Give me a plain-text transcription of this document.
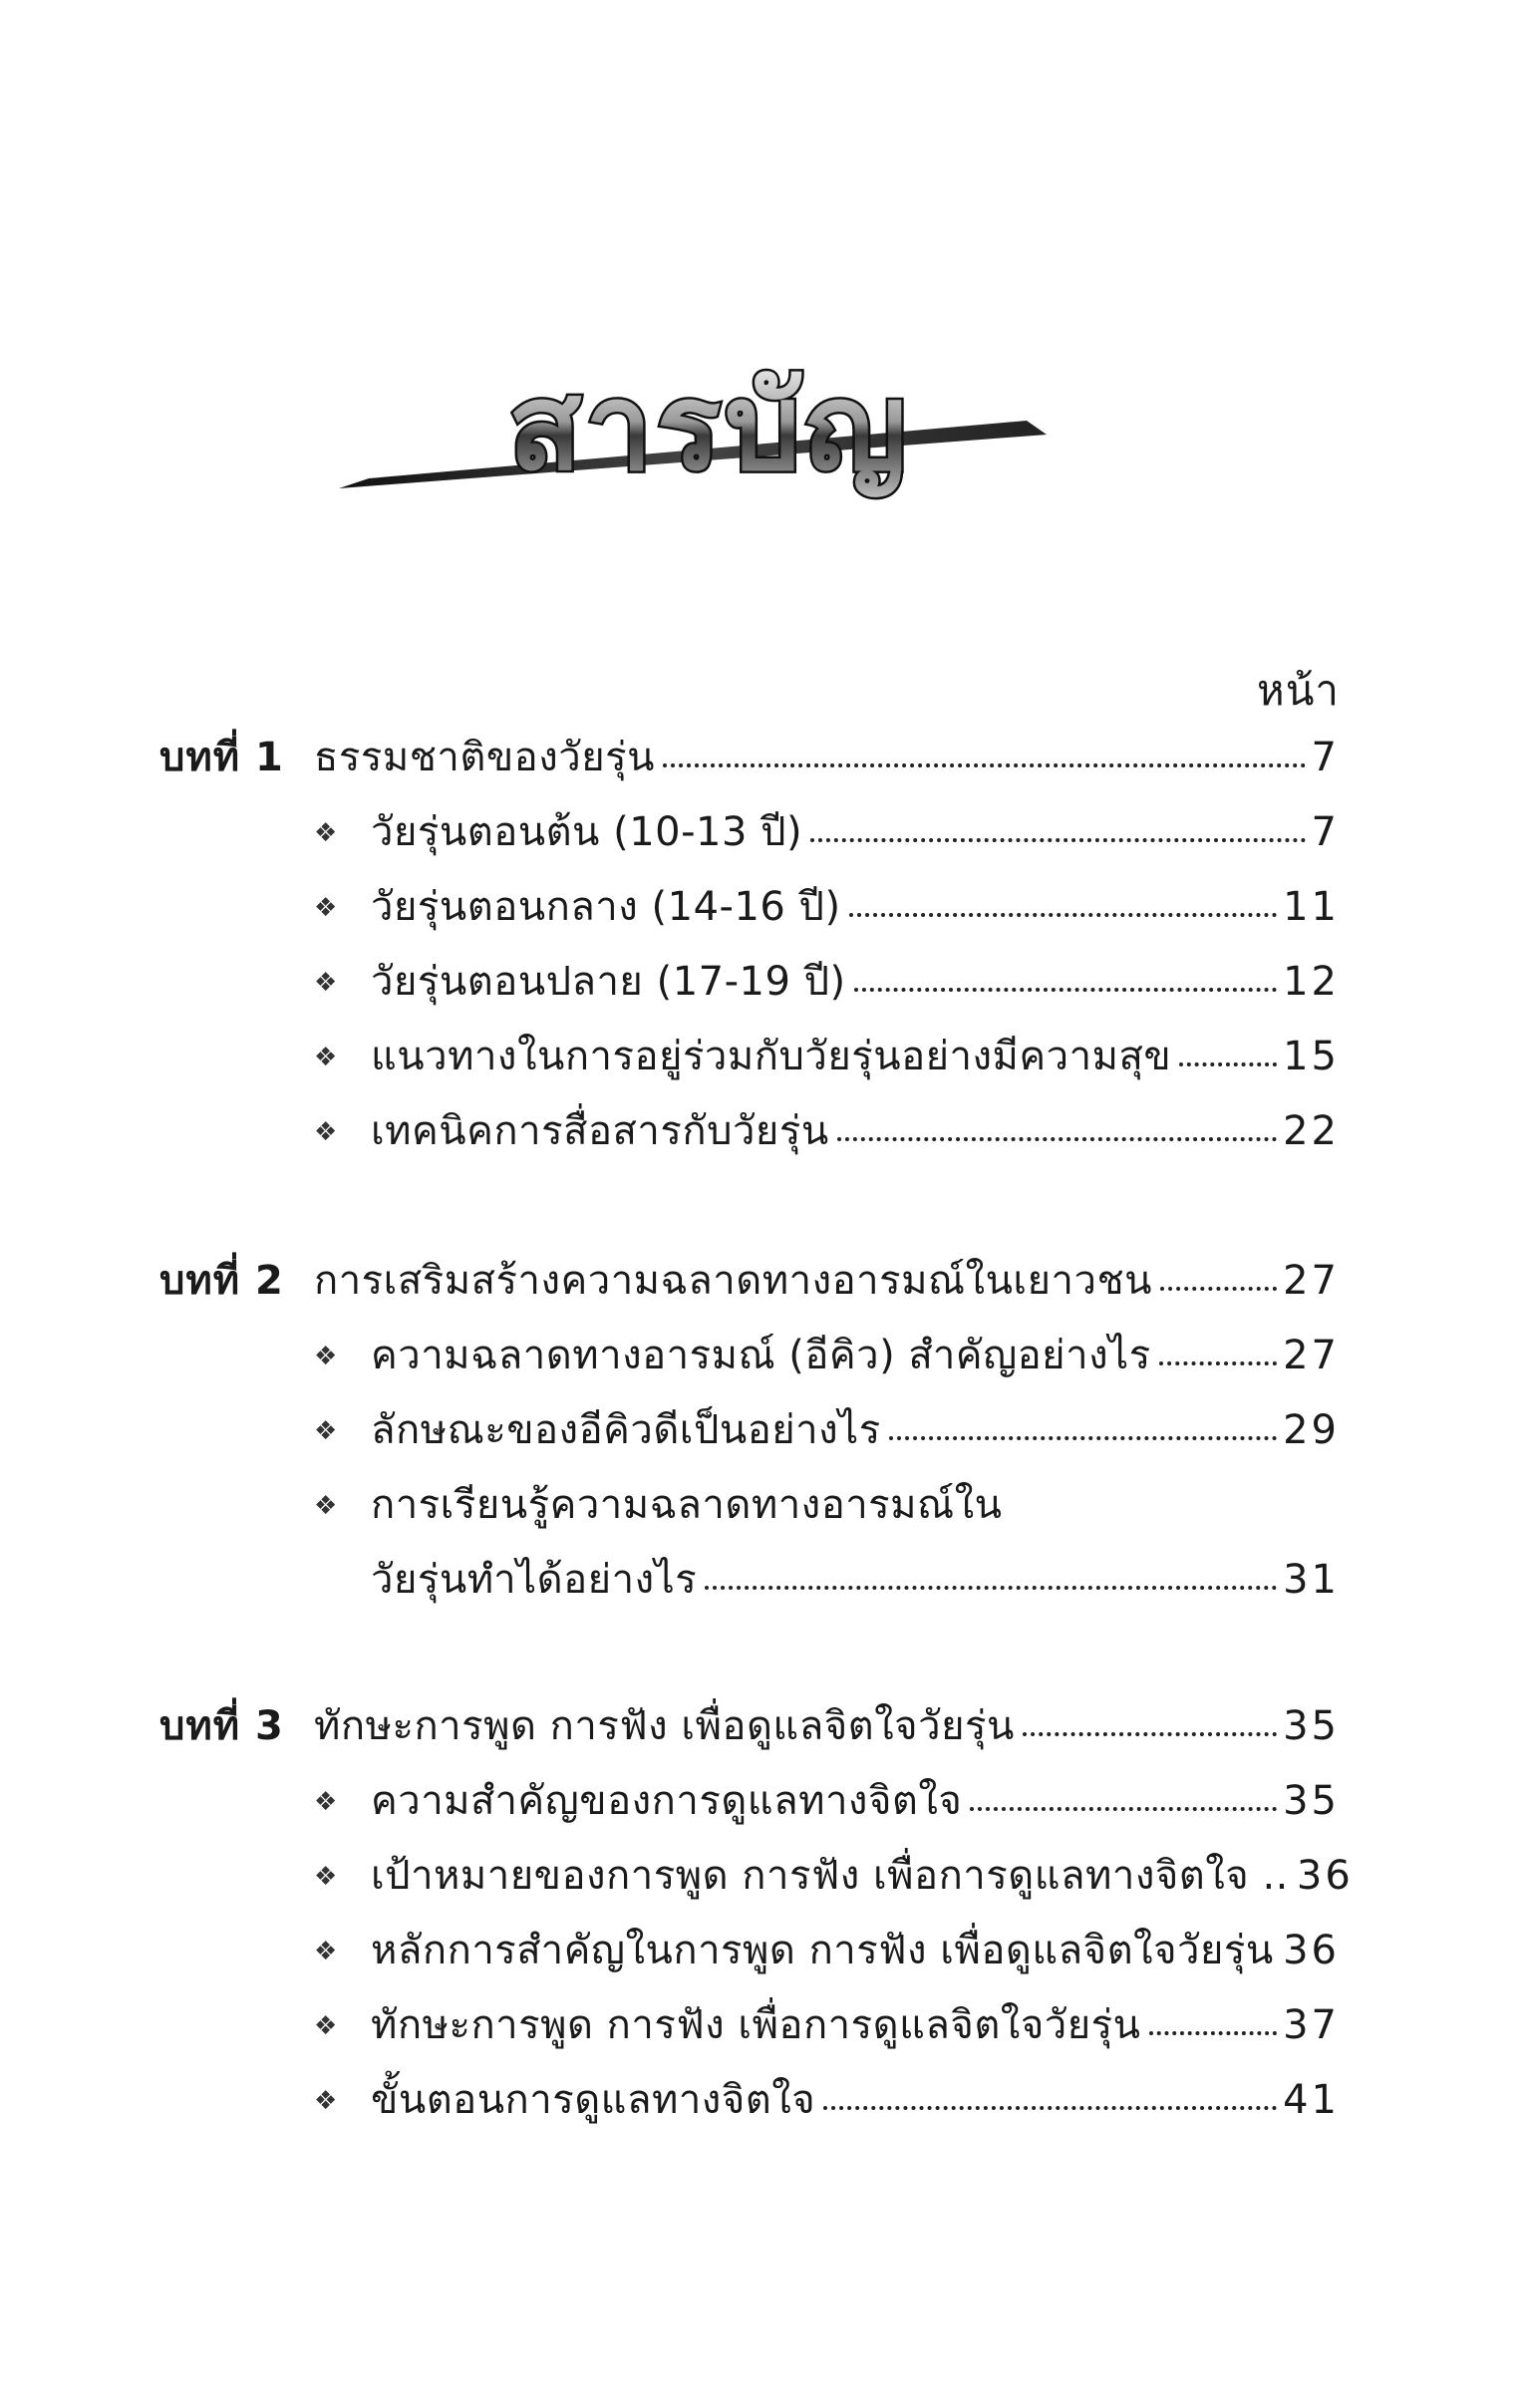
สารบัญ
หน้า
บทที่ 1 ธรรมชาติของวัยรุ่น	7
❖ วัยรุ่นตอนต้น (10-13 ปี)	7
❖ วัยรุ่นตอนกลาง (14-16 ปี)	11
❖ วัยรุ่นตอนปลาย (17-19 ปี)	12
❖ แนวทางในการอยู่ร่วมกับวัยรุ่นอย่างมีความสุข	15
❖ เทคนิคการสื่อสารกับวัยรุ่น	22
บทที่ 2 การเสริมสร้างความฉลาดทางอารมณ์ในเยาวชน	27
❖ ความฉลาดทางอารมณ์ (อีคิว) สำคัญอย่างไร	27
❖ ลักษณะของอีคิวดีเป็นอย่างไร	29
❖ การเรียนรู้ความฉลาดทางอารมณ์ใน
วัยรุ่นทำได้อย่างไร	31
บทที่ 3 ทักษะการพูด การฟัง เพื่อดูแลจิตใจวัยรุ่น	35
❖ ความสำคัญของการดูแลทางจิตใจ	35
❖ เป้าหมายของการพูด การฟัง เพื่อการดูแลทางจิตใจ .. 36
❖ หลักการสำคัญในการพูด การฟัง เพื่อดูแลจิตใจวัยรุ่น 36
❖ ทักษะการพูด การฟัง เพื่อการดูแลจิตใจวัยรุ่น	37
❖ ขั้นตอนการดูแลทางจิตใจ	41
